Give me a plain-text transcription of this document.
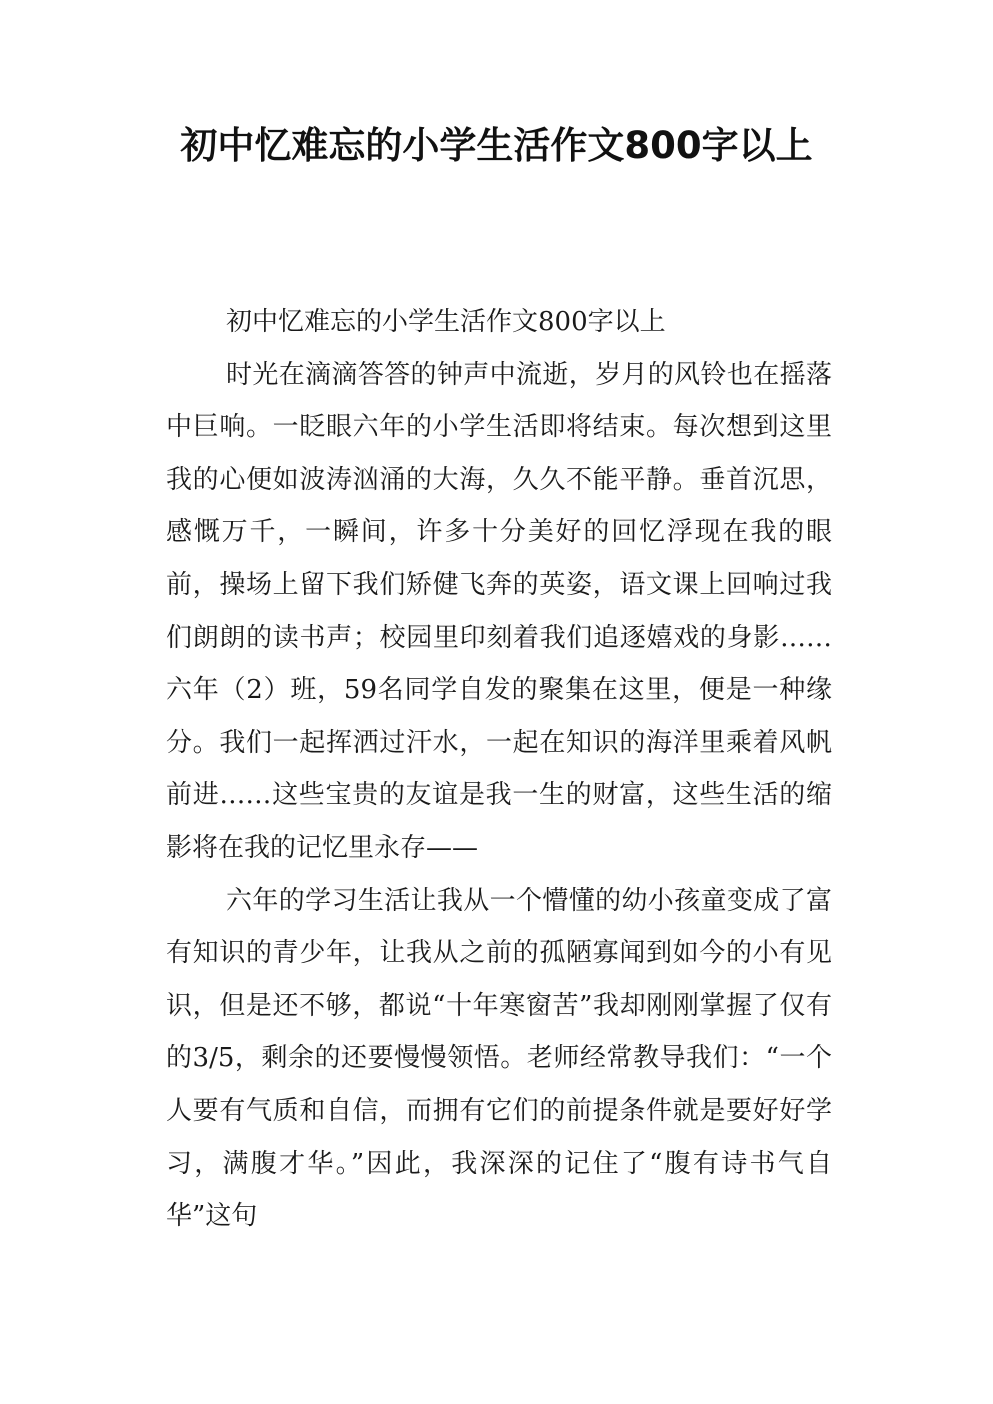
初中忆难忘的小学生活作文800字以上

初中忆难忘的小学生活作文800字以上

时光在滴滴答答的钟声中流逝，岁月的风铃也在摇落中巨响。一眨眼六年的小学生活即将结束。每次想到这里我的心便如波涛汹涌的大海，久久不能平静。垂首沉思，感慨万千，一瞬间，许多十分美好的回忆浮现在我的眼前，操场上留下我们矫健飞奔的英姿，语文课上回响过我们朗朗的读书声；校园里印刻着我们追逐嬉戏的身影……六年（2）班，59名同学自发的聚集在这里，便是一种缘分。我们一起挥洒过汗水，一起在知识的海洋里乘着风帆前进……这些宝贵的友谊是我一生的财富，这些生活的缩影将在我的记忆里永存——

六年的学习生活让我从一个懵懂的幼小孩童变成了富有知识的青少年，让我从之前的孤陋寡闻到如今的小有见识，但是还不够，都说“十年寒窗苦”我却刚刚掌握了仅有的3/5，剩余的还要慢慢领悟。老师经常教导我们：“一个人要有气质和自信，而拥有它们的前提条件就是要好好学习，满腹才华。”因此，我深深的记住了“腹有诗书气自华”这句
